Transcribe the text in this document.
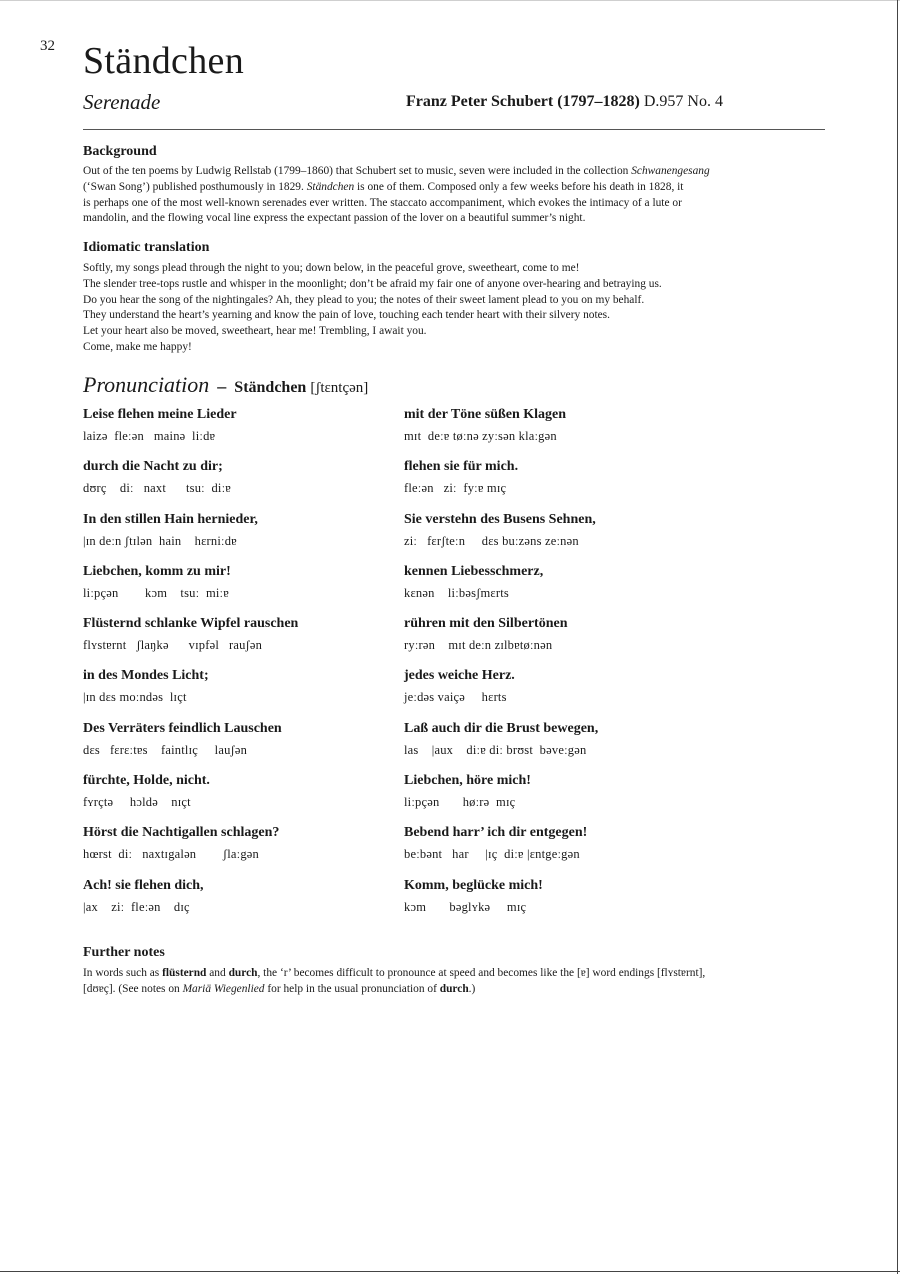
32 Ständchen
Serenade	Franz Peter Schubert (1797–1828) D.957 No. 4
Background
Out of the ten poems by Ludwig Rellstab (1799–1860) that Schubert set to music, seven were included in the collection Schwanengesang
(‘Swan Song’) published posthumously in 1829. Ständchen is one of them. Composed only a few weeks before his death in 1828, it
is perhaps one of the most well-known serenades ever written. The staccato accompaniment, which evokes the intimacy of a lute or
mandolin, and the flowing vocal line express the expectant passion of the lover on a beautiful summer’s night.
Idiomatic translation
Softly, my songs plead through the night to you; down below, in the peaceful grove, sweetheart, come to me!
The slender tree-tops rustle and whisper in the moonlight; don’t be afraid my fair one of anyone over-hearing and betraying us.
Do you hear the song of the nightingales? Ah, they plead to you; the notes of their sweet lament plead to you on my behalf.
They understand the heart’s yearning and know the pain of love, touching each tender heart with their silvery notes.
Let your heart also be moved, sweetheart, hear me! Trembling, I await you.
Come, make me happy!
Pronunciation – Ständchen [ʃtɛntçən]
Leise flehen meine Lieder
laizə  fleːən   mainə  liːdɐ
durch die Nacht zu dir;
dʊrç    diː   naxt      tsuː  diːɐ
In den stillen Hain hernieder,
|ɪn deːn ʃtɪlən  hain    hɛrniːdɐ
Liebchen, komm zu mir!
liːpçən        kɔm    tsuː  miːɐ
Flüsternd schlanke Wipfel rauschen
flʏstɐrnt   ʃlaŋkə      vɪpfəl   rauʃən
in des Mondes Licht;
|ɪn dɛs moːndəs  lɪçt
Des Verräters feindlich Lauschen
dɛs   fɛrɛːtɐs    faintlɪç     lauʃən
fürchte, Holde, nicht.
fʏrçtə     hɔldə    nɪçt
Hörst die Nachtigallen schlagen?
hœrst  diː   naxtɪgalən        ʃlaːgən
Ach! sie flehen dich,
|ax    ziː  fleːən    dɪç
mit der Töne süßen Klagen
mɪt  deːɐ tøːnə zyːsən klaːgən
flehen sie für mich.
fleːən   ziː  fyːɐ mɪç
Sie verstehn des Busens Sehnen,
ziː   fɛrʃteːn     dɛs buːzəns zeːnən
kennen Liebesschmerz,
kɛnən    liːbəsʃmɛrts
rühren mit den Silbertönen
ryːrən    mɪt deːn zɪlbɐtøːnən
jedes weiche Herz.
jeːdəs vaiçə     hɛrts
Laß auch dir die Brust bewegen,
las    |aux    diːɐ diː brʊst  bəveːgən
Liebchen, höre mich!
liːpçən       høːrə  mɪç
Bebend harr’ ich dir entgegen!
beːbənt   har     |ɪç  diːɐ |ɛntgeːgən
Komm, beglücke mich!
kɔm       bəglʏkə     mɪç
Further notes
In words such as flüsternd and durch, the ‘r’ becomes difficult to pronounce at speed and becomes like the [ɐ] word endings [flʏstɐrnt],
[dʊɐç]. (See notes on Mariä Wiegenlied for help in the usual pronunciation of durch.)
